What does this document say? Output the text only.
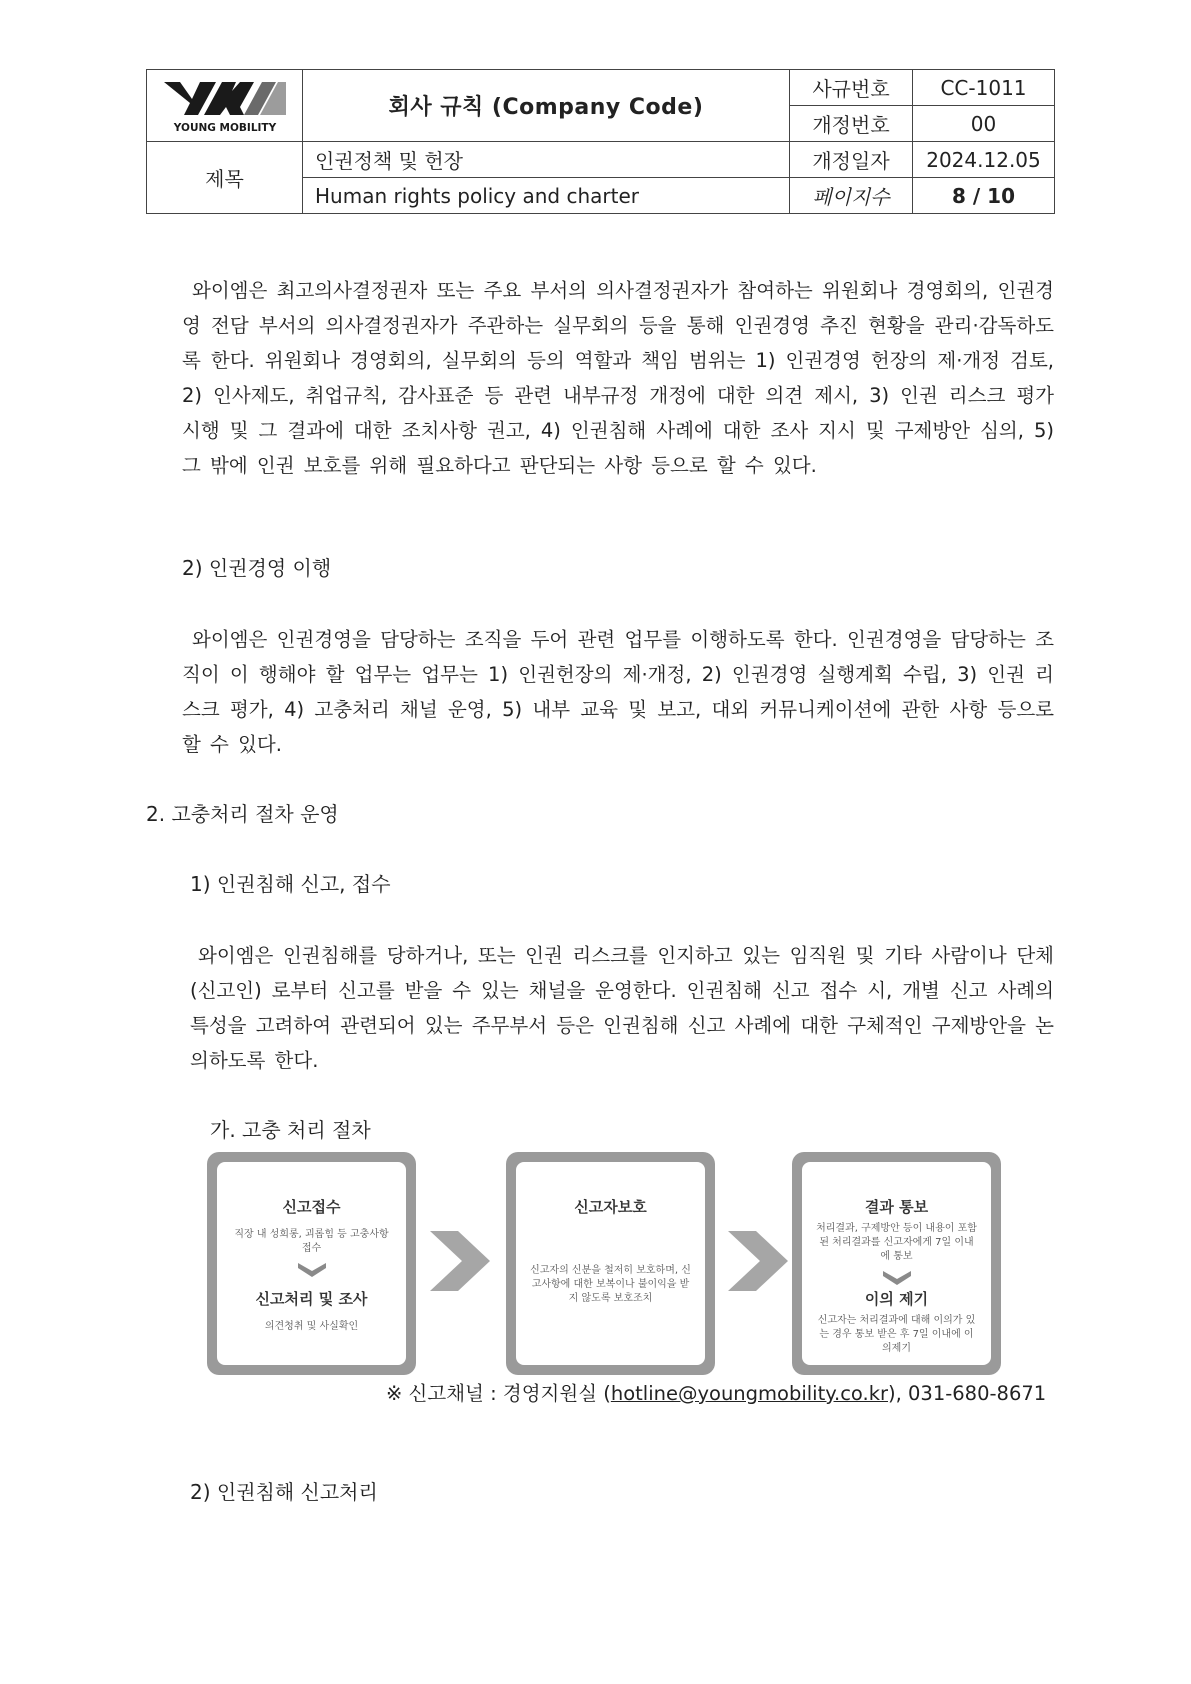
YOUNG MOBILITY	회사 규칙 (Company Code)	사규번호	CC-1011
		개정번호	00
제목	인권정책 및 헌장	개정일자	2024.12.05
	Human rights policy and charter	페이지수	8 / 10
와이엠은 최고의사결정권자 또는 주요 부서의 의사결정권자가 참여하는 위원회나 경영회의, 인권경영 전담 부서의 의사결정권자가 주관하는 실무회의 등을 통해 인권경영 추진 현황을 관리·감독하도록 한다. 위원회나 경영회의, 실무회의 등의 역할과 책임 범위는 1) 인권경영 헌장의 제·개정 검토, 2) 인사제도, 취업규칙, 감사표준 등 관련 내부규정 개정에 대한 의견 제시, 3) 인권 리스크 평가 시행 및 그 결과에 대한 조치사항 권고, 4) 인권침해 사례에 대한 조사 지시 및 구제방안 심의, 5) 그 밖에 인권 보호를 위해 필요하다고 판단되는 사항 등으로 할 수 있다.
2) 인권경영 이행
와이엠은 인권경영을 담당하는 조직을 두어 관련 업무를 이행하도록 한다. 인권경영을 담당하는 조직이 이 행해야 할 업무는 업무는 1) 인권헌장의 제·개정, 2) 인권경영 실행계획 수립, 3) 인권 리스크 평가, 4) 고충처리 채널 운영, 5) 내부 교육 및 보고, 대외 커뮤니케이션에 관한 사항 등으로 할 수 있다.
2. 고충처리 절차 운영
1) 인권침해 신고, 접수
와이엠은 인권침해를 당하거나, 또는 인권 리스크를 인지하고 있는 임직원 및 기타 사람이나 단체(신고인) 로부터 신고를 받을 수 있는 채널을 운영한다. 인권침해 신고 접수 시, 개별 신고 사례의 특성을 고려하여 관련되어 있는 주무부서 등은 인권침해 신고 사례에 대한 구체적인 구제방안을 논의하도록 한다.
가. 고충 처리 절차
신고접수
직장 내 성희롱, 괴롭힘 등 고충사항 접수
신고처리 및 조사
의견청취 및 사실확인
신고자보호
신고자의 신분을 철저히 보호하며, 신고사항에 대한 보복이나 불이익을 받지 않도록 보호조치
결과 통보
처리결과, 구제방안 등이 내용이 포함된 처리결과를 신고자에게 7일 이내에 통보
이의 제기
신고자는 처리결과에 대해 이의가 있는 경우 통보 받은 후 7일 이내에 이의제기
※ 신고채널 : 경영지원실 (hotline@youngmobility.co.kr), 031-680-8671
2) 인권침해 신고처리
